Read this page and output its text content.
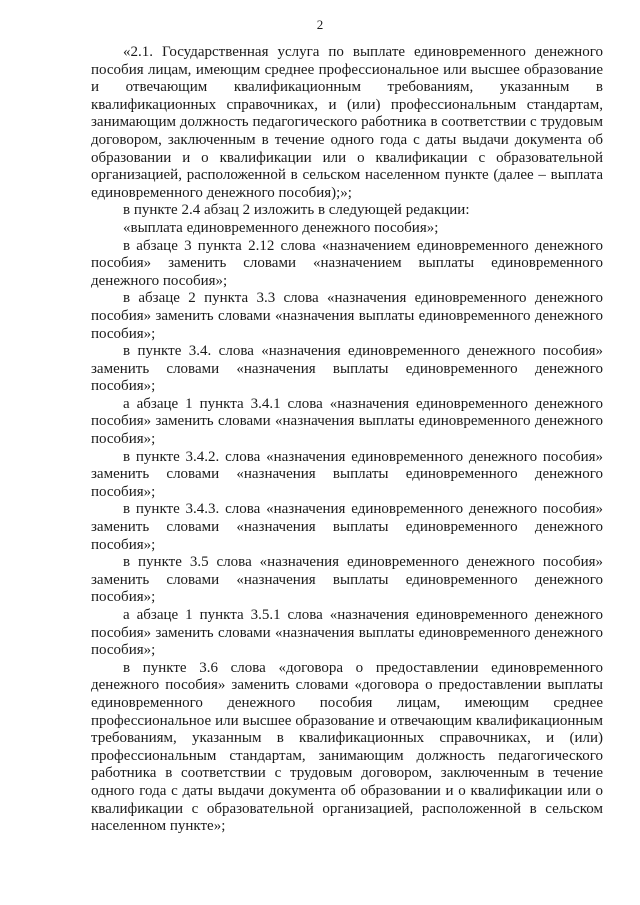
2

«2.1. Государственная услуга по выплате единовременного денежного пособия лицам, имеющим среднее профессиональное или высшее образование и отвечающим квалификационным требованиям, указанным в квалификационных справочниках, и (или) профессиональным стандартам, занимающим должность педагогического работника в соответствии с трудовым договором, заключенным в течение одного года с даты выдачи документа об образовании и о квалификации или о квалификации с образовательной организацией, расположенной в сельском населенном пункте (далее – выплата единовременного денежного пособия);»;

в пункте 2.4 абзац 2 изложить в следующей редакции:

«выплата единовременного денежного пособия»;

в абзаце 3 пункта 2.12 слова «назначением единовременного денежного пособия» заменить словами «назначением выплаты единовременного денежного пособия»;

в абзаце 2 пункта 3.3 слова «назначения единовременного денежного пособия» заменить словами «назначения выплаты единовременного денежного пособия»;

в пункте 3.4. слова «назначения единовременного денежного пособия» заменить словами «назначения выплаты единовременного денежного пособия»;

а абзаце 1 пункта 3.4.1 слова «назначения единовременного денежного пособия» заменить словами «назначения выплаты единовременного денежного пособия»;

в пункте 3.4.2. слова «назначения единовременного денежного пособия» заменить словами «назначения выплаты единовременного денежного пособия»;

в пункте 3.4.3. слова «назначения единовременного денежного пособия» заменить словами «назначения выплаты единовременного денежного пособия»;

в пункте 3.5 слова «назначения единовременного денежного пособия» заменить словами «назначения выплаты единовременного денежного пособия»;

а абзаце 1 пункта 3.5.1 слова «назначения единовременного денежного пособия» заменить словами «назначения выплаты единовременного денежного пособия»;

в пункте 3.6 слова «договора о предоставлении единовременного денежного пособия» заменить словами «договора о предоставлении выплаты единовременного денежного пособия лицам, имеющим среднее профессиональное или высшее образование и отвечающим квалификационным требованиям, указанным в квалификационных справочниках, и (или) профессиональным стандартам, занимающим должность педагогического работника в соответствии с трудовым договором, заключенным в течение одного года с даты выдачи документа об образовании и о квалификации или о квалификации с образовательной организацией, расположенной в сельском населенном пункте»;
